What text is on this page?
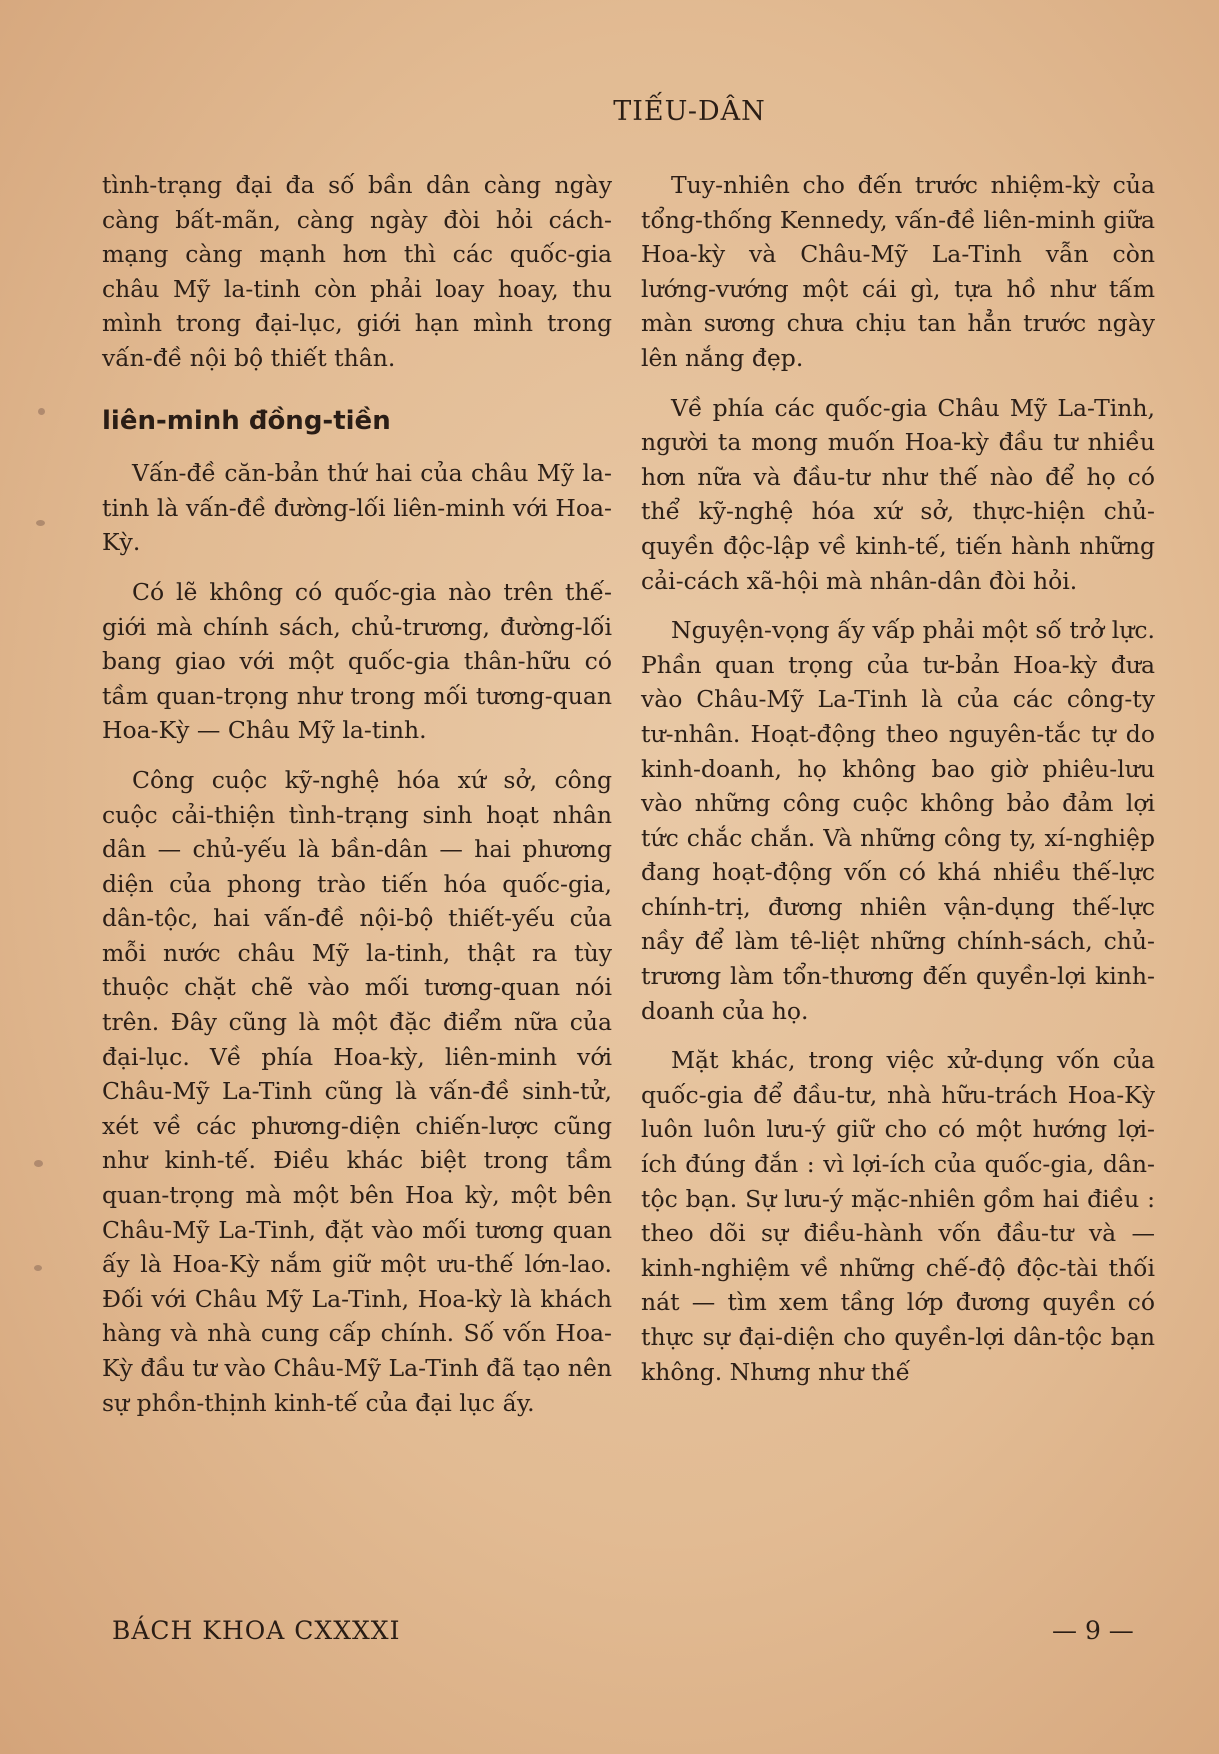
TIẾU-DÂN

tình-trạng đại đa số bần dân càng ngày càng bất-mãn, càng ngày đòi hỏi cách-mạng càng mạnh hơn thì các quốc-gia châu Mỹ la-tinh còn phải loay hoay, thu mình trong đại-lục, giới hạn mình trong vấn-đề nội bộ thiết thân.

liên-minh đồng-tiền

Vấn-đề căn-bản thứ hai của châu Mỹ la-tinh là vấn-đề đường-lối liên-minh với Hoa-Kỳ.

Có lẽ không có quốc-gia nào trên thế-giới mà chính sách, chủ-trương, đường-lối bang giao với một quốc-gia thân-hữu có tầm quan-trọng như trong mối tương-quan Hoa-Kỳ — Châu Mỹ la-tinh.

Công cuộc kỹ-nghệ hóa xứ sở, công cuộc cải-thiện tình-trạng sinh hoạt nhân dân — chủ-yếu là bần-dân — hai phương diện của phong trào tiến hóa quốc-gia, dân-tộc, hai vấn-đề nội-bộ thiết-yếu của mỗi nước châu Mỹ la-tinh, thật ra tùy thuộc chặt chẽ vào mối tương-quan nói trên. Đây cũng là một đặc điểm nữa của đại-lục. Về phía Hoa-kỳ, liên-minh với Châu-Mỹ La-Tinh cũng là vấn-đề sinh-tử, xét về các phương-diện chiến-lược cũng như kinh-tế. Điều khác biệt trong tầm quan-trọng mà một bên Hoa kỳ, một bên Châu-Mỹ La-Tinh, đặt vào mối tương quan ấy là Hoa-Kỳ nắm giữ một ưu-thế lớn-lao. Đối với Châu Mỹ La-Tinh, Hoa-kỳ là khách hàng và nhà cung cấp chính. Số vốn Hoa-Kỳ đầu tư vào Châu-Mỹ La-Tinh đã tạo nên sự phồn-thịnh kinh-tế của đại lục ấy.

Tuy-nhiên cho đến trước nhiệm-kỳ của tổng-thống Kennedy, vấn-đề liên-minh giữa Hoa-kỳ và Châu-Mỹ La-Tinh vẫn còn lướng-vướng một cái gì, tựa hồ như tấm màn sương chưa chịu tan hẳn trước ngày lên nắng đẹp.

Về phía các quốc-gia Châu Mỹ La-Tinh, người ta mong muốn Hoa-kỳ đầu tư nhiều hơn nữa và đầu-tư như thế nào để họ có thể kỹ-nghệ hóa xứ sở, thực-hiện chủ-quyền độc-lập về kinh-tế, tiến hành những cải-cách xã-hội mà nhân-dân đòi hỏi.

Nguyện-vọng ấy vấp phải một số trở lực. Phần quan trọng của tư-bản Hoa-kỳ đưa vào Châu-Mỹ La-Tinh là của các công-ty tư-nhân. Hoạt-động theo nguyên-tắc tự do kinh-doanh, họ không bao giờ phiêu-lưu vào những công cuộc không bảo đảm lợi tức chắc chắn. Và những công ty, xí-nghiệp đang hoạt-động vốn có khá nhiều thế-lực chính-trị, đương nhiên vận-dụng thế-lực nầy để làm tê-liệt những chính-sách, chủ-trương làm tổn-thương đến quyền-lợi kinh-doanh của họ.

Mặt khác, trong việc xử-dụng vốn của quốc-gia để đầu-tư, nhà hữu-trách Hoa-Kỳ luôn luôn lưu-ý giữ cho có một hướng lợi-ích đúng đắn : vì lợi-ích của quốc-gia, dân-tộc bạn. Sự lưu-ý mặc-nhiên gồm hai điều : theo dõi sự điều-hành vốn đầu-tư và — kinh-nghiệm về những chế-độ độc-tài thối nát — tìm xem tầng lớp đương quyền có thực sự đại-diện cho quyền-lợi dân-tộc bạn không. Nhưng như thế

BÁCH KHOA CXXXXI	— 9 —
